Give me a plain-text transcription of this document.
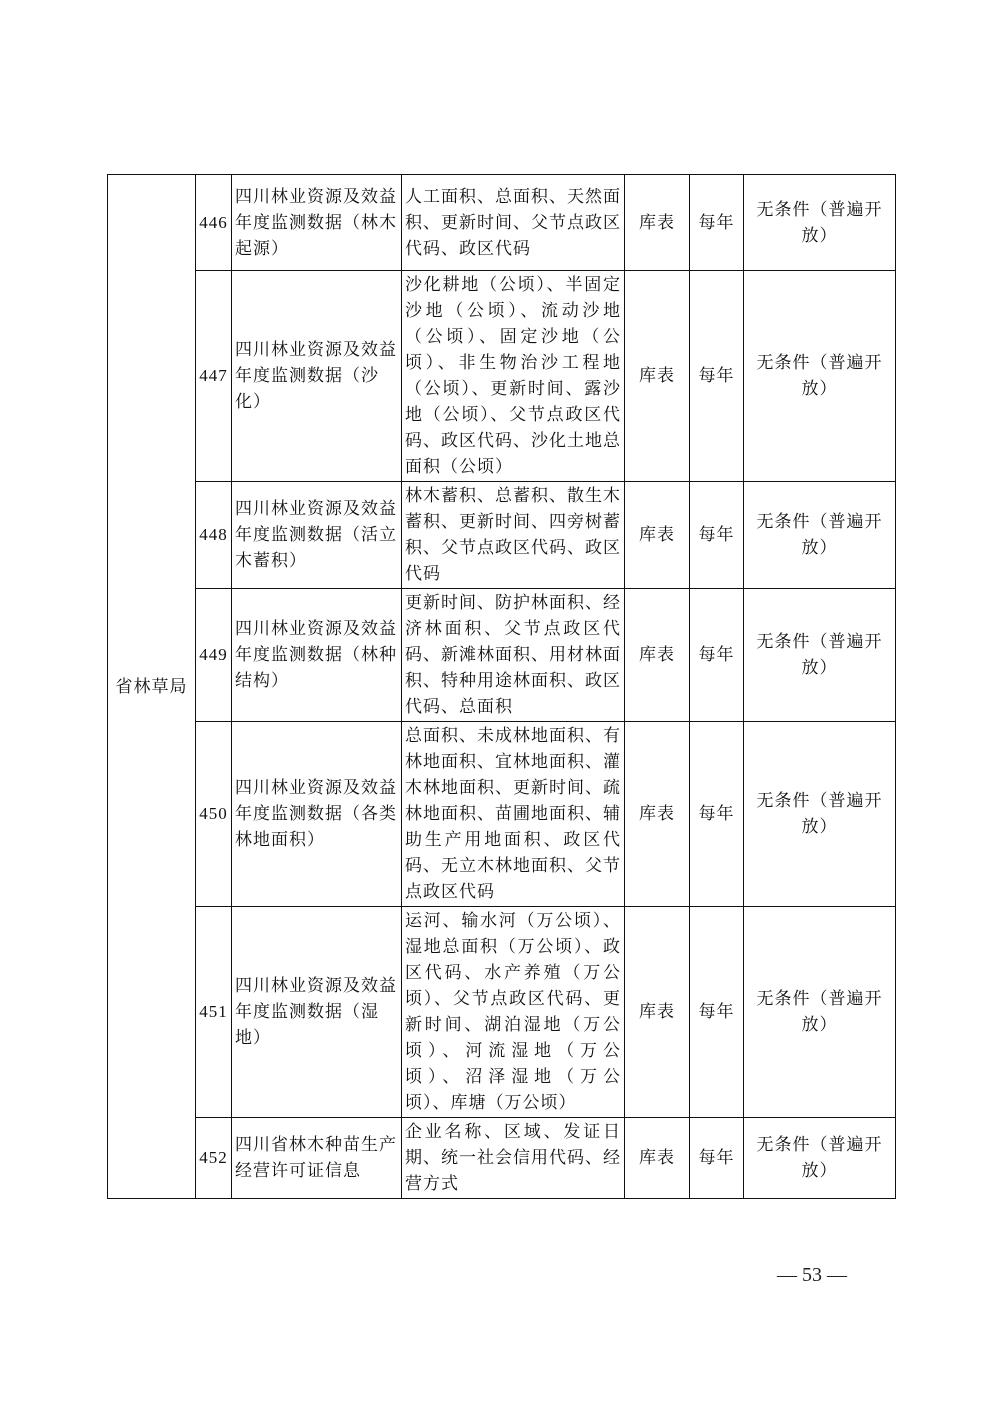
省林草局	446	四川林业资源及效益年度监测数据（林木起源）	人工面积、总面积、天然面积、更新时间、父节点政区代码、政区代码	库表	每年	无条件（普遍开放）
	447	四川林业资源及效益年度监测数据（沙化）	沙化耕地（公顷）、半固定沙地（公顷）、流动沙地（公顷）、固定沙地（公顷）、非生物治沙工程地（公顷）、更新时间、露沙地（公顷）、父节点政区代码、政区代码、沙化土地总面积（公顷）	库表	每年	无条件（普遍开放）
	448	四川林业资源及效益年度监测数据（活立木蓄积）	林木蓄积、总蓄积、散生木蓄积、更新时间、四旁树蓄积、父节点政区代码、政区代码	库表	每年	无条件（普遍开放）
	449	四川林业资源及效益年度监测数据（林种结构）	更新时间、防护林面积、经济林面积、父节点政区代码、新滩林面积、用材林面积、特种用途林面积、政区代码、总面积	库表	每年	无条件（普遍开放）
	450	四川林业资源及效益年度监测数据（各类林地面积）	总面积、未成林地面积、有林地面积、宜林地面积、灌木林地面积、更新时间、疏林地面积、苗圃地面积、辅助生产用地面积、政区代码、无立木林地面积、父节点政区代码	库表	每年	无条件（普遍开放）
	451	四川林业资源及效益年度监测数据（湿地）	运河、输水河（万公顷）、湿地总面积（万公顷）、政区代码、水产养殖（万公顷）、父节点政区代码、更新时间、湖泊湿地（万公顷）、河流湿地（万公顷）、沼泽湿地（万公顷）、库塘（万公顷）	库表	每年	无条件（普遍开放）
	452	四川省林木种苗生产经营许可证信息	企业名称、区域、发证日期、统一社会信用代码、经营方式	库表	每年	无条件（普遍开放）
— 53 —
